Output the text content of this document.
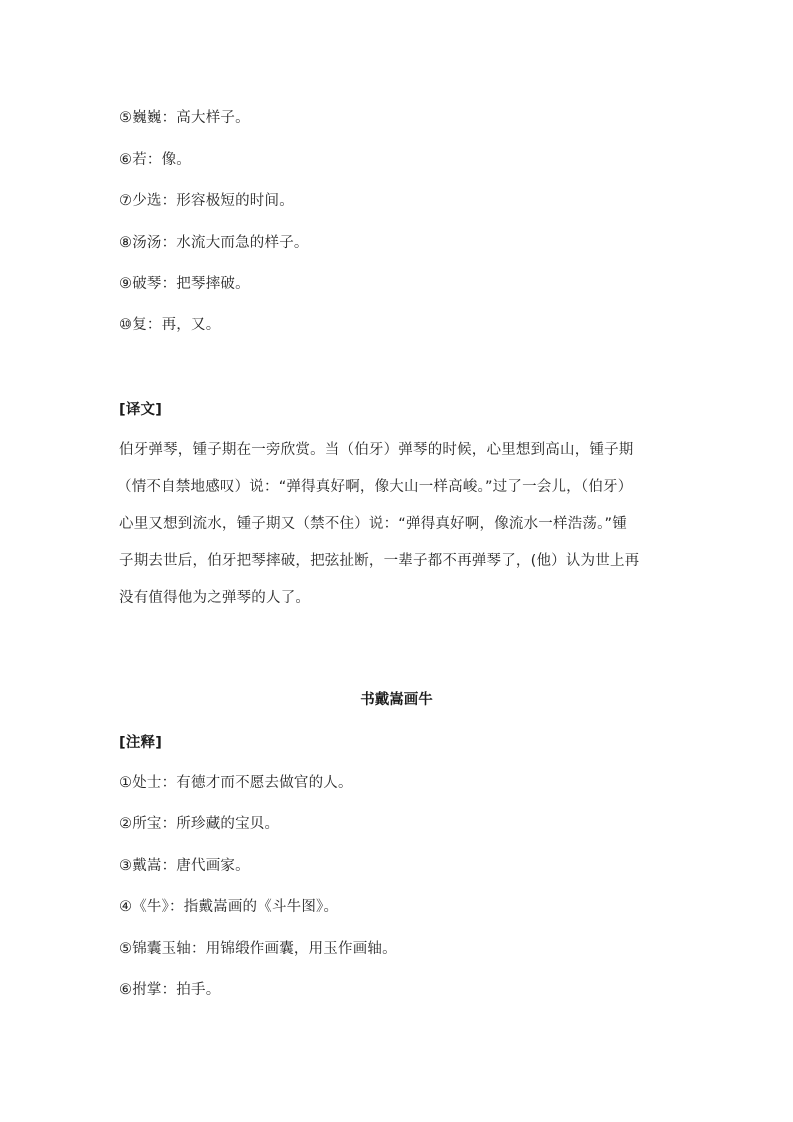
⑤巍巍：高大样子。
⑥若：像。
⑦少选：形容极短的时间。
⑧汤汤：水流大而急的样子。
⑨破琴：把琴摔破。
⑩复：再，又。
[译文]
伯牙弹琴，锺子期在一旁欣赏。当（伯牙）弹琴的时候，心里想到高山，锺子期
（情不自禁地感叹）说：“弹得真好啊，像大山一样高峻。”过了一会儿，（伯牙）
心里又想到流水，锺子期又（禁不住）说：“弹得真好啊，像流水一样浩荡。”锺
子期去世后，伯牙把琴摔破，把弦扯断，一辈子都不再弹琴了，(他）认为世上再
没有值得他为之弹琴的人了。
书戴嵩画牛
[注释]
①处士：有德才而不愿去做官的人。
②所宝：所珍藏的宝贝。
③戴嵩：唐代画家。
④《牛》：指戴嵩画的《斗牛图》。
⑤锦囊玉轴：用锦缎作画囊，用玉作画轴。
⑥拊掌：拍手。
